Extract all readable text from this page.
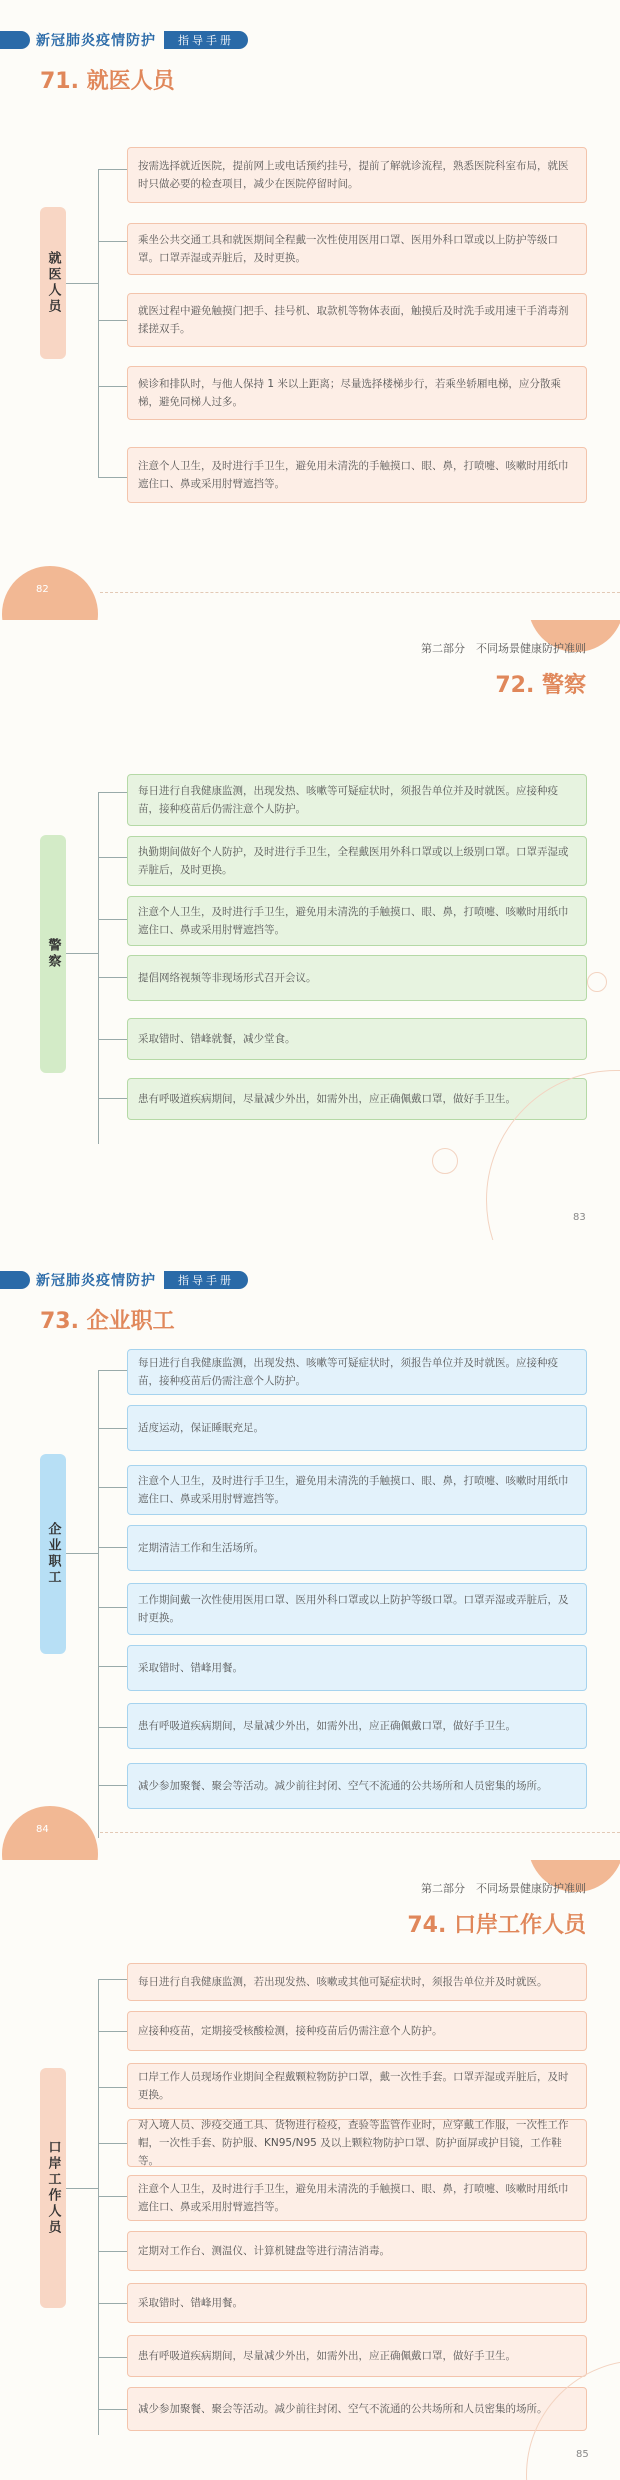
新冠肺炎疫情防护	指导手册
71. 就医人员
就医人员
按需选择就近医院，提前网上或电话预约挂号，提前了解就诊流程，熟悉医院科室布局，就医时只做必要的检查项目，减少在医院停留时间。
乘坐公共交通工具和就医期间全程戴一次性使用医用口罩、医用外科口罩或以上防护等级口罩。口罩弄湿或弄脏后，及时更换。
就医过程中避免触摸门把手、挂号机、取款机等物体表面，触摸后及时洗手或用速干手消毒剂揉搓双手。
候诊和排队时，与他人保持 1 米以上距离；尽量选择楼梯步行，若乘坐轿厢电梯，应分散乘梯，避免同梯人过多。
注意个人卫生，及时进行手卫生，避免用未清洗的手触摸口、眼、鼻，打喷嚏、咳嗽时用纸巾遮住口、鼻或采用肘臂遮挡等。
82
第二部分　不同场景健康防护准则
72. 警察
警察
每日进行自我健康监测，出现发热、咳嗽等可疑症状时，须报告单位并及时就医。应接种疫苗，接种疫苗后仍需注意个人防护。
执勤期间做好个人防护，及时进行手卫生，全程戴医用外科口罩或以上级别口罩。口罩弄湿或弄脏后，及时更换。
注意个人卫生，及时进行手卫生，避免用未清洗的手触摸口、眼、鼻，打喷嚏、咳嗽时用纸巾遮住口、鼻或采用肘臂遮挡等。
提倡网络视频等非现场形式召开会议。
采取错时、错峰就餐，减少堂食。
患有呼吸道疾病期间，尽量减少外出，如需外出，应正确佩戴口罩，做好手卫生。
83
新冠肺炎疫情防护	指导手册
73. 企业职工
企业职工
每日进行自我健康监测，出现发热、咳嗽等可疑症状时，须报告单位并及时就医。应接种疫苗，接种疫苗后仍需注意个人防护。
适度运动，保证睡眠充足。
注意个人卫生，及时进行手卫生，避免用未清洗的手触摸口、眼、鼻，打喷嚏、咳嗽时用纸巾遮住口、鼻或采用肘臂遮挡等。
定期清洁工作和生活场所。
工作期间戴一次性使用医用口罩、医用外科口罩或以上防护等级口罩。口罩弄湿或弄脏后，及时更换。
采取错时、错峰用餐。
患有呼吸道疾病期间，尽量减少外出，如需外出，应正确佩戴口罩，做好手卫生。
减少参加聚餐、聚会等活动。减少前往封闭、空气不流通的公共场所和人员密集的场所。
84
第二部分　不同场景健康防护准则
74. 口岸工作人员
口岸工作人员
每日进行自我健康监测，若出现发热、咳嗽或其他可疑症状时，须报告单位并及时就医。
应接种疫苗，定期接受核酸检测，接种疫苗后仍需注意个人防护。
口岸工作人员现场作业期间全程戴颗粒物防护口罩，戴一次性手套。口罩弄湿或弄脏后，及时更换。
对入境人员、涉疫交通工具、货物进行检疫，查验等监管作业时，应穿戴工作服，一次性工作帽，一次性手套、防护服、KN95/N95 及以上颗粒物防护口罩、防护面屏或护目镜，工作鞋等。
注意个人卫生，及时进行手卫生，避免用未清洗的手触摸口、眼、鼻，打喷嚏、咳嗽时用纸巾遮住口、鼻或采用肘臂遮挡等。
定期对工作台、测温仪、计算机键盘等进行清洁消毒。
采取错时、错峰用餐。
患有呼吸道疾病期间，尽量减少外出，如需外出，应正确佩戴口罩，做好手卫生。
减少参加聚餐、聚会等活动。减少前往封闭、空气不流通的公共场所和人员密集的场所。
85
